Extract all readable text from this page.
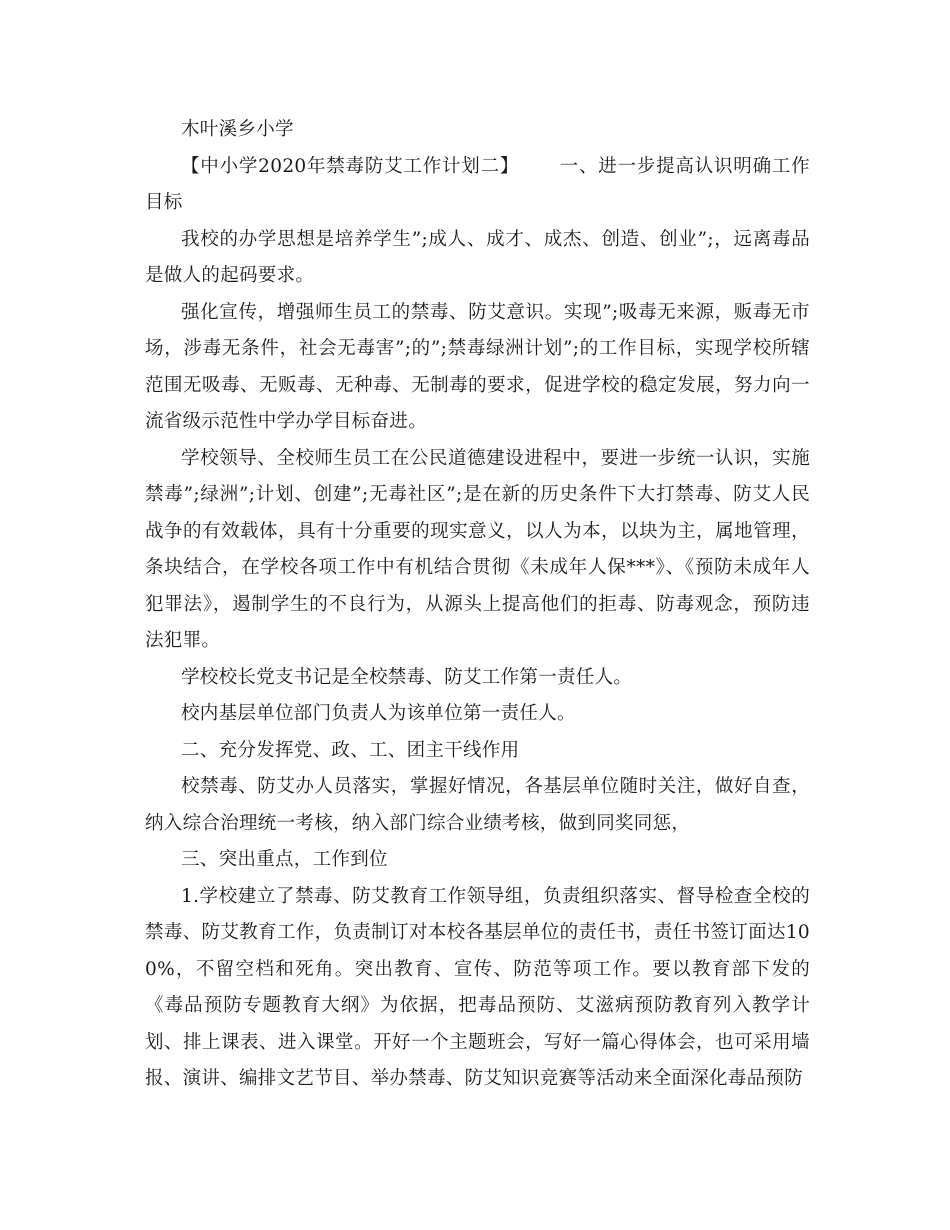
木叶溪乡小学

【中小学2020年禁毒防艾工作计划二】 一、进一步提高认识明确工作目标

我校的办学思想是培养学生”;成人、成才、成杰、创造、创业”;，远离毒品是做人的起码要求。

强化宣传，增强师生员工的禁毒、防艾意识。实现”;吸毒无来源，贩毒无市场，涉毒无条件，社会无毒害”;的”;禁毒绿洲计划”;的工作目标，实现学校所辖范围无吸毒、无贩毒、无种毒、无制毒的要求，促进学校的稳定发展，努力向一流省级示范性中学办学目标奋进。

学校领导、全校师生员工在公民道德建设进程中，要进一步统一认识，实施禁毒”;绿洲”;计划、创建”;无毒社区”;是在新的历史条件下大打禁毒、防艾人民战争的有效载体，具有十分重要的现实意义，以人为本，以块为主，属地管理，条块结合，在学校各项工作中有机结合贯彻《未成年人保***》、《预防未成年人犯罪法》，遏制学生的不良行为，从源头上提高他们的拒毒、防毒观念，预防违法犯罪。

学校校长党支书记是全校禁毒、防艾工作第一责任人。

校内基层单位部门负责人为该单位第一责任人。

二、充分发挥党、政、工、团主干线作用

校禁毒、防艾办人员落实，掌握好情况，各基层单位随时关注，做好自查，纳入综合治理统一考核，纳入部门综合业绩考核，做到同奖同惩，

三、突出重点，工作到位

1.学校建立了禁毒、防艾教育工作领导组，负责组织落实、督导检查全校的禁毒、防艾教育工作，负责制订对本校各基层单位的责任书，责任书签订面达100%，不留空档和死角。突出教育、宣传、防范等项工作。要以教育部下发的《毒品预防专题教育大纲》为依据，把毒品预防、艾滋病预防教育列入教学计划、排上课表、进入课堂。开好一个主题班会，写好一篇心得体会，也可采用墙报、演讲、编排文艺节目、举办禁毒、防艾知识竞赛等活动来全面深化毒品预防
